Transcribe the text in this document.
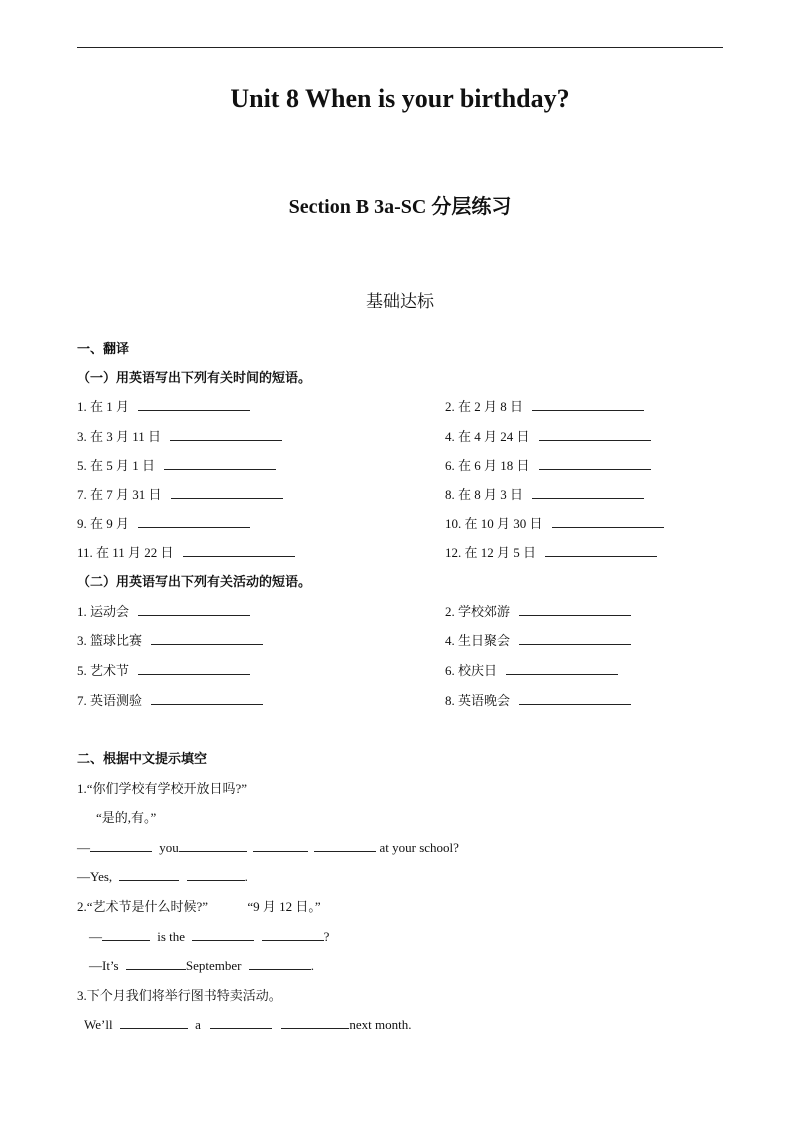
Unit 8 When is your birthday?
Section B 3a-SC 分层练习
基础达标
一、翻译
（一）用英语写出下列有关时间的短语。
1. 在 1 月	2. 在 2 月 8 日
3. 在 3 月 11 日	4. 在 4 月 24 日
5. 在 5 月 1 日	6. 在 6 月 18 日
7. 在 7 月 31 日	8. 在 8 月 3 日
9. 在 9 月	10. 在 10 月 30 日
11. 在 11 月 22 日	12. 在 12 月 5 日
（二）用英语写出下列有关活动的短语。
1. 运动会	2. 学校郊游
3. 篮球比赛	4. 生日聚会
5. 艺术节	6. 校庆日
7. 英语测验	8. 英语晚会
二、根据中文提示填空
1.“你们学校有学校开放日吗?”
“是的,有。”
—	you	at your school?
—Yes,	.
2.“艺术节是什么时候?”	“9 月 12 日。”
—	is the	?
—It’s	September	.
3.下个月我们将举行图书特卖活动。
We’ll	a	next month.
